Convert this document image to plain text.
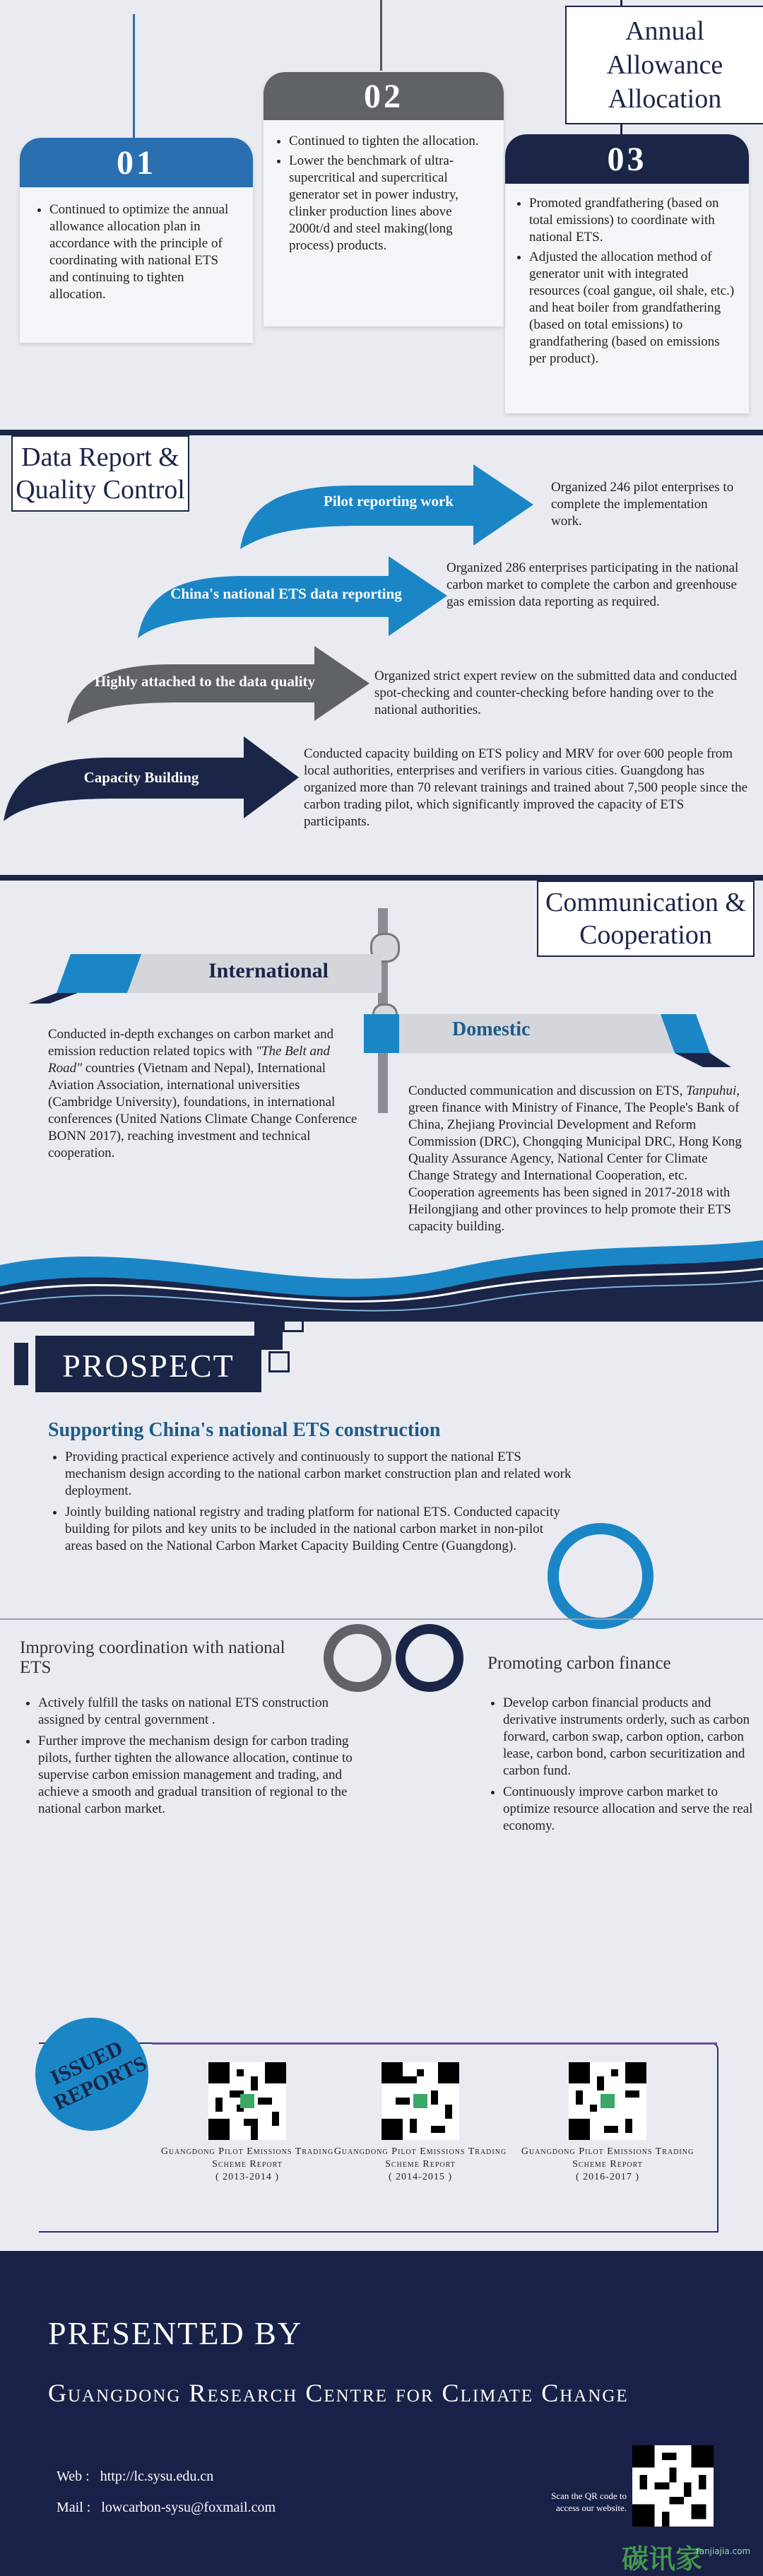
Annual Allowance Allocation
01
• Continued to optimize the annual allowance allocation plan in accordance with the principle of coordinating with national ETS and continuing to tighten allocation.
02
• Continued to tighten the allocation.
• Lower the benchmark of ultra-supercritical and supercritical generator set in power industry, clinker production lines above 2000t/d and steel making(long process) products.
03
• Promoted grandfathering (based on total emissions) to coordinate with national ETS.
• Adjusted the allocation method of generator unit with integrated resources (coal gangue, oil shale, etc.) and heat boiler from grandfathering (based on total emissions) to grandfathering (based on emissions per product).
Data Report & Quality Control	Pilot reporting work
Organized 246 pilot enterprises to complete the implementation work.
China's national ETS data reporting
Organized 286 enterprises participating in the national carbon market to complete the carbon and greenhouse gas emission data reporting as required.
Highly attached to the data quality	Organized strict expert review on the submitted data and conducted spot-checking and counter-checking before handing over to the national authorities.
Capacity Building
Conducted capacity building on ETS policy and MRV for over 600 people from local authorities, enterprises and verifiers in various cities. Guangdong has organized more than 70 relevant trainings and trained about 7,500 people since the carbon trading pilot, which significantly improved the capacity of ETS participants.
Communication & Cooperation
International
Domestic
Conducted in-depth exchanges on carbon market and emission reduction related topics with "The Belt and Road" countries (Vietnam and Nepal), International Aviation Association, international universities (Cambridge University), foundations, in international conferences (United Nations Climate Change Conference BONN 2017), reaching investment and technical cooperation.
Conducted communication and discussion on ETS, Tanpuhui, green finance with Ministry of Finance, The People's Bank of China, Zhejiang Provincial Development and Reform Commission (DRC), Chongqing Municipal DRC, Hong Kong Quality Assurance Agency, National Center for Climate Change Strategy and International Cooperation, etc. Cooperation agreements has been signed in 2017-2018 with Heilongjiang and other provinces to help promote their ETS capacity building.
PROSPECT
Supporting China's national ETS construction
• Providing practical experience actively and continuously to support the national ETS mechanism design according to the national carbon market construction plan and related work deployment.
• Jointly building national registry and trading platform for national ETS. Conducted capacity building for pilots and key units to be included in the national carbon market in non-pilot areas based on the National Carbon Market Capacity Building Centre (Guangdong).
Improving coordination with national ETS
• Actively fulfill the tasks on national ETS construction assigned by central government .
• Further improve the mechanism design for carbon trading pilots, further tighten the allowance allocation, continue to supervise carbon emission management and trading, and achieve a smooth and gradual transition of regional to the national carbon market.
Promoting carbon finance
• Develop carbon financial products and derivative instruments orderly, such as carbon forward, carbon swap, carbon option, carbon lease, carbon bond, carbon securitization and carbon fund.
• Continuously improve carbon market to optimize resource allocation and serve the real economy.
ISSUED REPORTS
Guangdong Pilot Emissions Trading Scheme Report
( 2013-2014 )
Guangdong Pilot Emissions Trading Scheme Report
( 2014-2015 )
Guangdong Pilot Emissions Trading Scheme Report
( 2016-2017 )
PRESENTED BY
Guangdong Research Centre for Climate Change
Web : http://lc.sysu.edu.cn
Mail : lowcarbon-sysu@foxmail.com
Scan the QR code to access our website.
碳讯家
tanjiajia.com
